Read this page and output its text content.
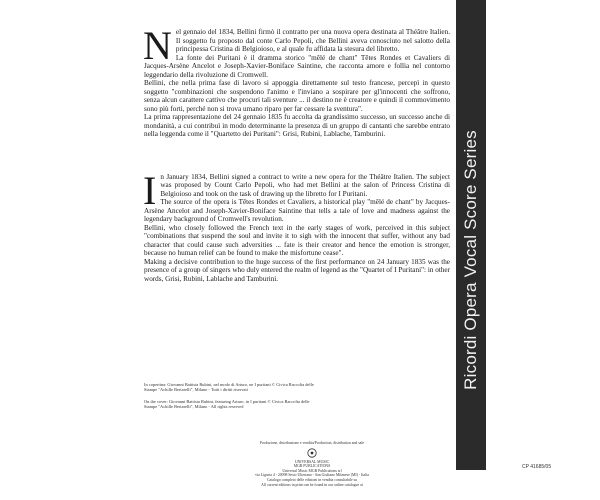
Nel gennaio del 1834, Bellini firmò il contratto per una nuova opera destinata al Théâtre Italien. Il soggetto fu proposto dal conte Carlo Pepoli, che Bellini aveva conosciuto nel salotto della principessa Cristina di Belgioioso, e al quale fu affidata la stesura del libretto.

La fonte dei Puritani è il dramma storico "mêlé de chant" Têtes Rondes et Cavaliers di Jacques-Arsène Ancelot e Joseph-Xavier-Boniface Saintine, che racconta amore e follia nel contorno leggendario della rivoluzione di Cromwell.

Bellini, che nella prima fase di lavoro si appoggia direttamente sul testo francese, percepì in questo soggetto "combinazioni che sospendono l'animo e l'inviano a sospirare per gl'innocenti che soffrono, senza alcun carattere cattivo che procuri tali sventure ... il destino ne è creatore e quindi il commovimento sono più forti, perché non si trova umano riparo per far cessare la sventura".

La prima rappresentazione del 24 gennaio 1835 fu accolta da grandissimo successo, un successo anche di mondanità, a cui contribuì in modo determinante la presenza di un gruppo di cantanti che sarebbe entrato nella leggenda come il "Quartetto dei Puritani": Grisi, Rubini, Lablache, Tamburini.

In January 1834, Bellini signed a contract to write a new opera for the Théâtre Italien. The subject was proposed by Count Carlo Pepoli, who had met Bellini at the salon of Princess Cristina di Belgioioso and took on the task of drawing up the libretto for I Puritani.

The source of the opera is Têtes Rondes et Cavaliers, a historical play "mêlé de chant" by Jacques-Arsène Ancelot and Joseph-Xavier-Boniface Saintine that tells a tale of love and madness against the legendary background of Cromwell's revolution.

Bellini, who closely followed the French text in the early stages of work, perceived in this subject "combinations that suspend the soul and invite it to sigh with the innocent that suffer, without any bad character that could cause such adversities ... fate is their creator and hence the emotion is stronger, because no human relief can be found to make the misfortune cease".

Making a decisive contribution to the huge success of the first performance on 24 January 1835 was the presence of a group of singers who duly entered the realm of legend as the "Quartet of I Puritani": in other words, Grisi, Rubini, Lablache and Tamburini.

In copertina: Giovanni Battista Rubini, nel modo di Arturo, ne I puritani © Civica Raccolta delle Stampe "Achille Bertarelli", Milano - Tutti i diritti riservati

On the cover: Giovanni Battista Rubini, featuring Arturo, in I puritani © Civica Raccolta delle Stampe "Achille Bertarelli", Milano - All rights reserved

Produzione, distribuzione e vendita/Production, distribution and sale

UNIVERSAL MUSIC

MGB PUBLICATIONS

Universal Music MGB Publications srl

via Liguria 4 - 20098 Sesto Ulteriano - San Giuliano Milanese (MI) - Italia

Catalogo completo delle edizioni in vendita consultabile su

All current editions in print can be found in our online catalogue at

Ricordi Opera Vocal Score Series
CP 41685/05
